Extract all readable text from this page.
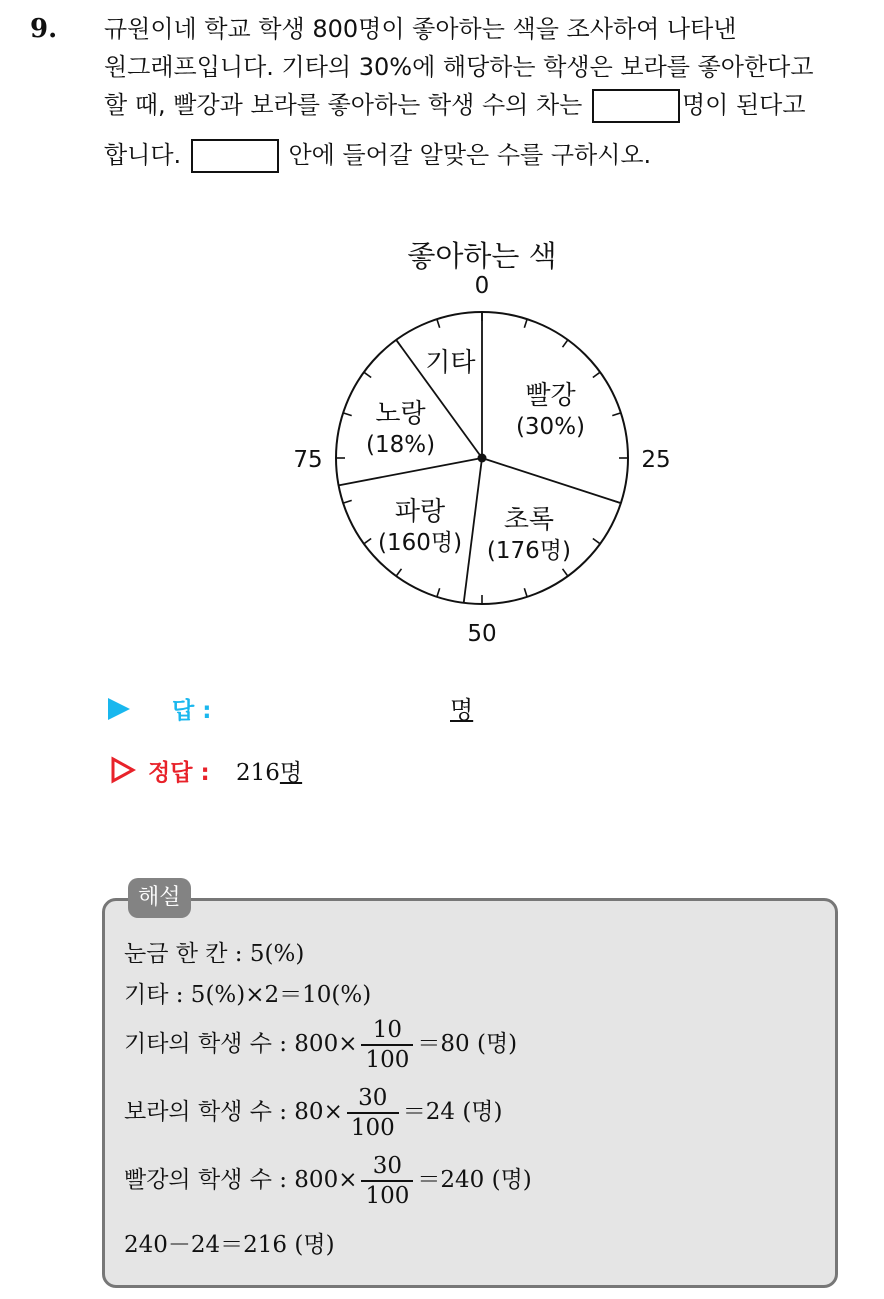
9. 규원이네 학교 학생 800명이 좋아하는 색을 조사하여 나타낸
원그래프입니다. 기타의 30%에 해당하는 학생은 보라를 좋아한다고
할 때, 빨강과 보라를 좋아하는 학생 수의 차는	명이 된다고
합니다.	안에 들어갈 알맞은 수를 구하시오.
좋아하는 색
0
25
50
75
빨강
(30%)
초록
(176명)
파랑
(160명)
노랑
(18%)
기타
답 :	명
정답 : 216명
해설
눈금 한 칸 : 5(%)
기타 : 5(%)×2＝10(%)
기타의 학생 수 : $800\times \frac{10}{100} =80$ (명)
보라의 학생 수 : $80\times \frac{30}{100} =24$ (명)
빨강의 학생 수 : $800\times \frac{30}{100} =240$ (명)
240－24＝216 (명)
